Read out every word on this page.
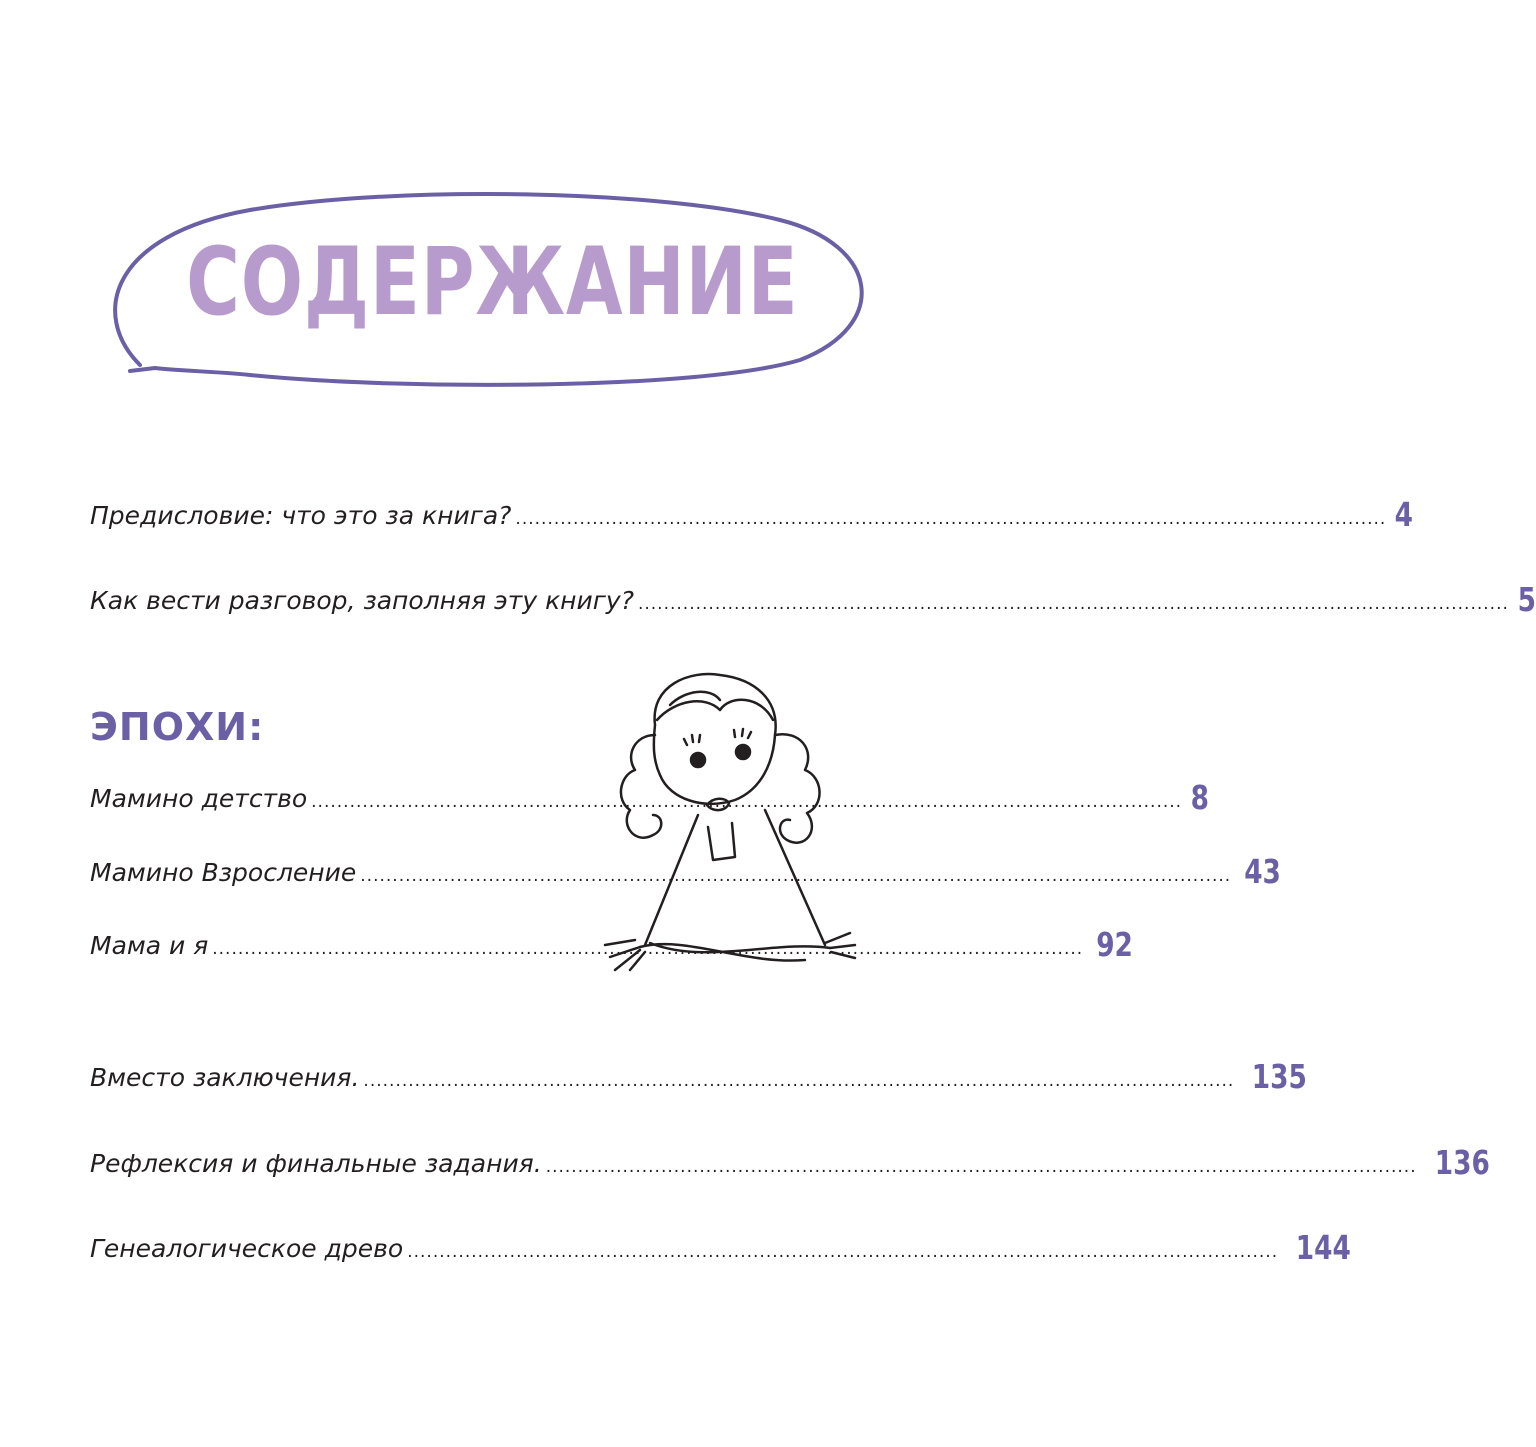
СОДЕРЖАНИЕ
Предисловие: что это за книга? ........................................................................................................................................ 4
Как вести разговор, заполняя эту книгу? ........................................................................................................................................ 5
ЭПОХИ:
Мамино детство ........................................................................................................................................ 8
Мамино Взросление ........................................................................................................................................ 43
Мама и я ........................................................................................................................................ 92
Вместо заключения. ........................................................................................................................................ 135
Рефлексия и финальные задания. ........................................................................................................................................ 136
Генеалогическое древо ........................................................................................................................................ 144
